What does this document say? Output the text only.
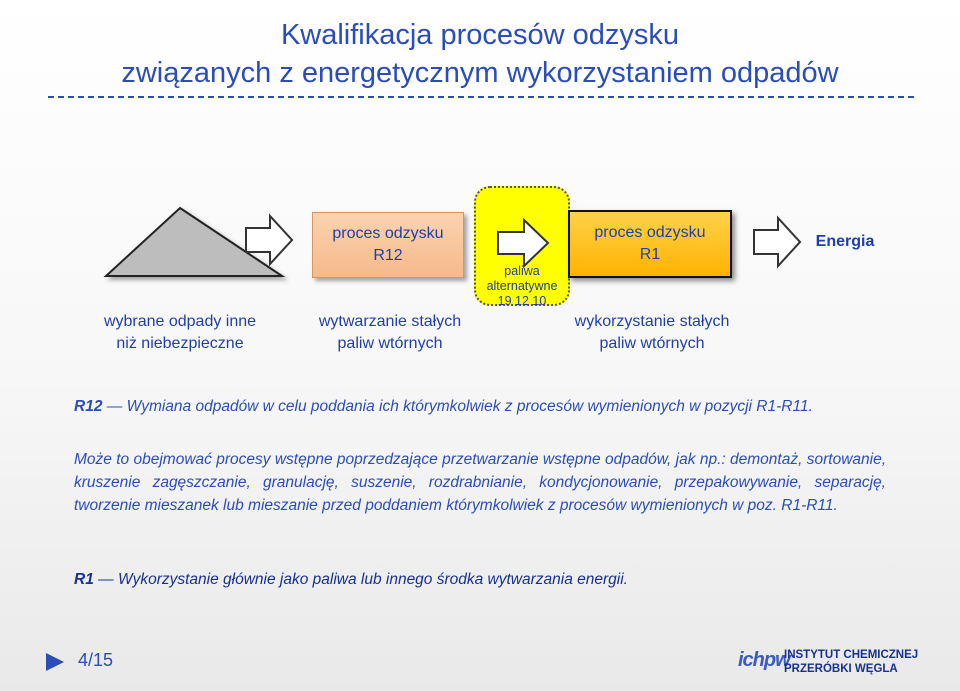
Kwalifikacja procesów odzysku
związanych z energetycznym wykorzystaniem odpadów
proces odzysku
R12
paliwa
alternatywne
19 12 10
proces odzysku
R1
Energia
wybrane odpady inne
niż niebezpieczne
wytwarzanie stałych
paliw wtórnych
wykorzystanie stałych
paliw wtórnych
R12 — Wymiana odpadów w celu poddania ich którymkolwiek z procesów wymienionych w pozycji R1-R11.
Może to obejmować procesy wstępne poprzedzające przetwarzanie wstępne odpadów, jak np.: demontaż, sortowanie, kruszenie zagęszczanie, granulację, suszenie, rozdrabnianie, kondycjonowanie, przepakowywanie, separację, tworzenie mieszanek lub mieszanie przed poddaniem którymkolwiek z procesów wymienionych w poz. R1-R11.
R1 — Wykorzystanie głównie jako paliwa lub innego środka wytwarzania energii.
4/15	ichpw
INSTYTUT CHEMICZNEJ
PRZERÓBKI WĘGLA
